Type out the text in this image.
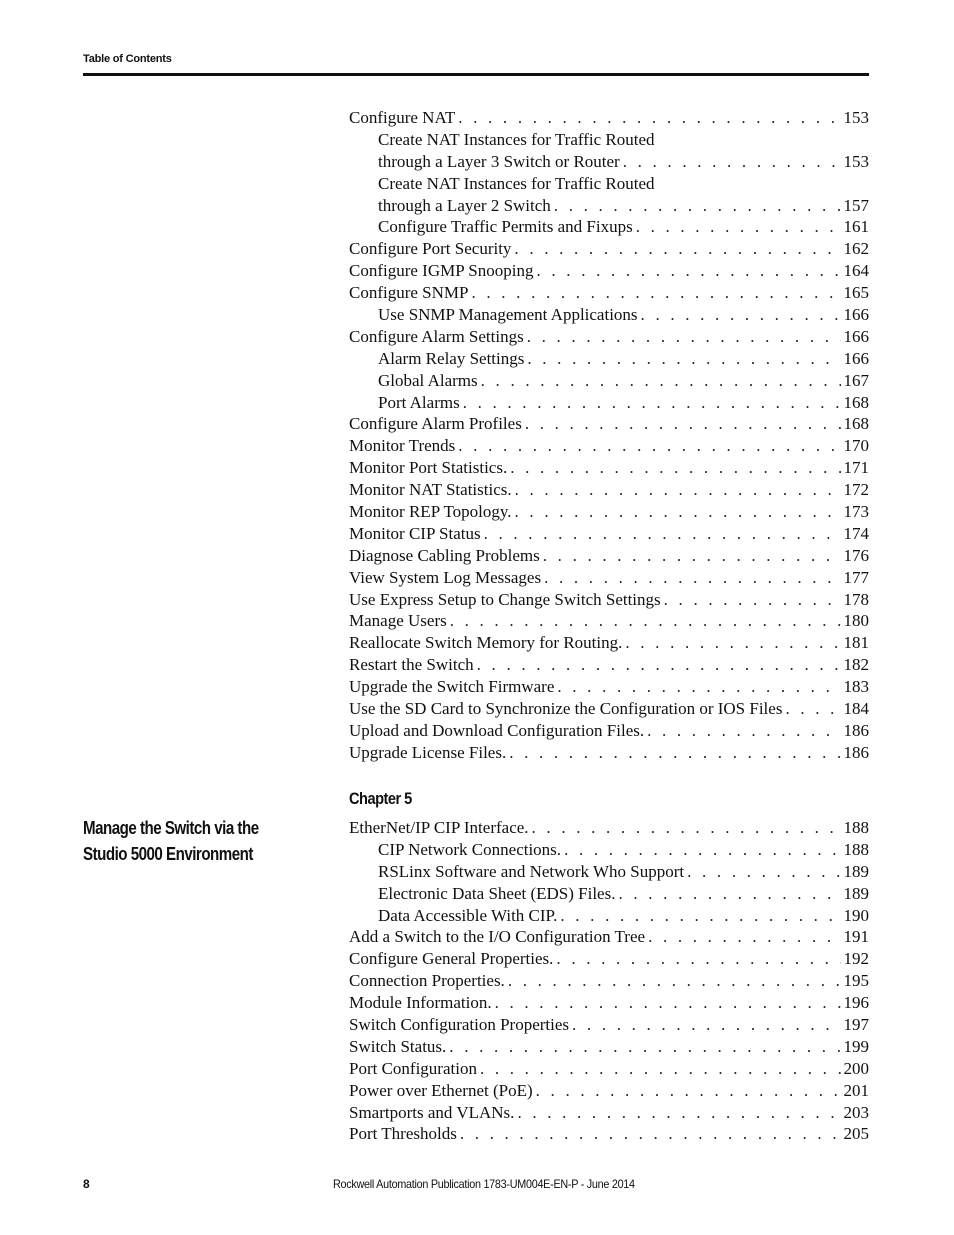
Table of Contents
Configure NAT . . .	153
Create NAT Instances for Traffic Routed
through a Layer 3 Switch or Router . . .	153
Create NAT Instances for Traffic Routed
through a Layer 2 Switch . . .	157
Configure Traffic Permits and Fixups . . .	161
Configure Port Security . . .	162
Configure IGMP Snooping . . .	164
Configure SNMP . . .	165
Use SNMP Management Applications . . .	166
Configure Alarm Settings . . .	166
Alarm Relay Settings . . .	166
Global Alarms . . .	167
Port Alarms . . .	168
Configure Alarm Profiles . . .	168
Monitor Trends . . .	170
Monitor Port Statistics. . . .	171
Monitor NAT Statistics. . . .	172
Monitor REP Topology. . . .	173
Monitor CIP Status . . .	174
Diagnose Cabling Problems . . .	176
View System Log Messages . . .	177
Use Express Setup to Change Switch Settings . . .	178
Manage Users . . .	180
Reallocate Switch Memory for Routing. . . .	181
Restart the Switch . . .	182
Upgrade the Switch Firmware . . .	183
Use the SD Card to Synchronize the Configuration or IOS Files . . .	184
Upload and Download Configuration Files. . . .	186
Upgrade License Files. . . .	186
Chapter 5
Manage the Switch via the Studio 5000 Environment
EtherNet/IP CIP Interface. . . .	188
CIP Network Connections. . . .	188
RSLinx Software and Network Who Support . . .	189
Electronic Data Sheet (EDS) Files. . . .	189
Data Accessible With CIP. . . .	190
Add a Switch to the I/O Configuration Tree . . .	191
Configure General Properties. . . .	192
Connection Properties. . . .	195
Module Information. . . .	196
Switch Configuration Properties . . .	197
Switch Status. . . .	199
Port Configuration . . .	200
Power over Ethernet (PoE) . . .	201
Smartports and VLANs. . . .	203
Port Thresholds . . .	205
8	Rockwell Automation Publication 1783-UM004E-EN-P - June 2014
